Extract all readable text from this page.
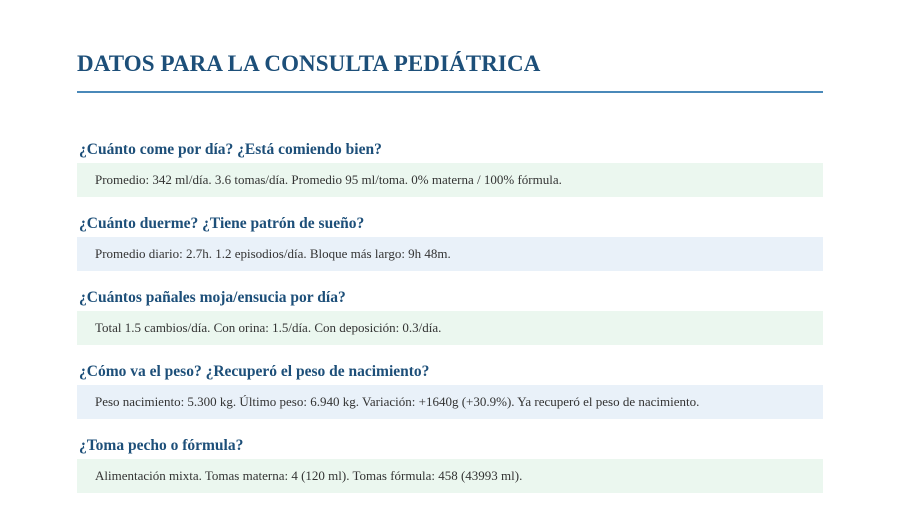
DATOS PARA LA CONSULTA PEDIÁTRICA
¿Cuánto come por día? ¿Está comiendo bien?
Promedio: 342 ml/día. 3.6 tomas/día. Promedio 95 ml/toma. 0% materna / 100% fórmula.
¿Cuánto duerme? ¿Tiene patrón de sueño?
Promedio diario: 2.7h. 1.2 episodios/día. Bloque más largo: 9h 48m.
¿Cuántos pañales moja/ensucia por día?
Total 1.5 cambios/día. Con orina: 1.5/día. Con deposición: 0.3/día.
¿Cómo va el peso? ¿Recuperó el peso de nacimiento?
Peso nacimiento: 5.300 kg. Último peso: 6.940 kg. Variación: +1640g (+30.9%). Ya recuperó el peso de nacimiento.
¿Toma pecho o fórmula?
Alimentación mixta. Tomas materna: 4 (120 ml). Tomas fórmula: 458 (43993 ml).
